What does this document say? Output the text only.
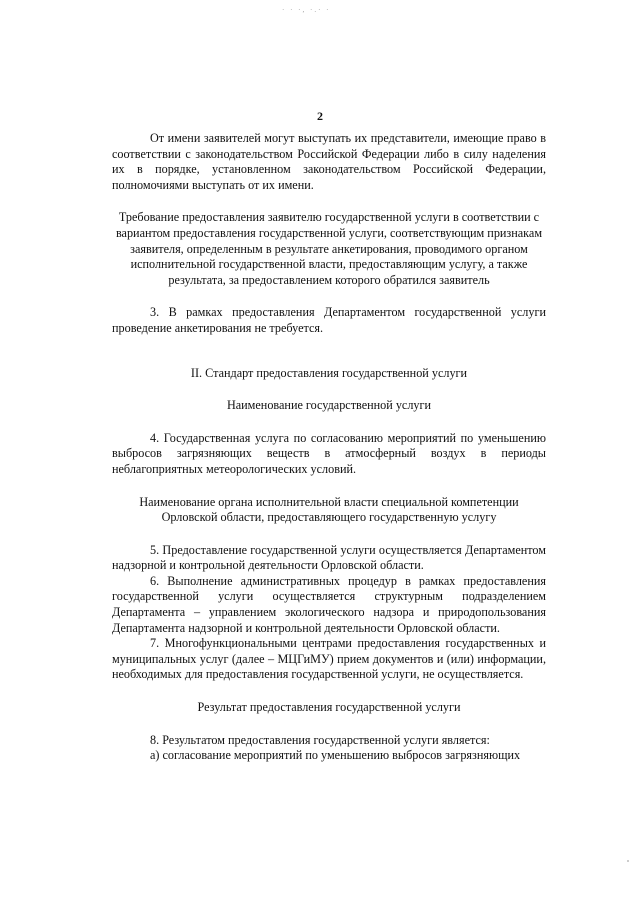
· · ·, ·.· ·
2

От имени заявителей могут выступать их представители, имеющие право в соответствии с законодательством Российской Федерации либо в силу наделения их в порядке, установленном законодательством Российской Федерации, полномочиями выступать от их имени.

Требование предоставления заявителю государственной услуги в соответствии с вариантом предоставления государственной услуги, соответствующим признакам заявителя, определенным в результате анкетирования, проводимого органом исполнительной государственной власти, предоставляющим услугу, а также результата, за предоставлением которого обратился заявитель

3. В рамках предоставления Департаментом государственной услуги проведение анкетирования не требуется.

II. Стандарт предоставления государственной услуги

Наименование государственной услуги

4. Государственная услуга по согласованию мероприятий по уменьшению выбросов загрязняющих веществ в атмосферный воздух в периоды неблагоприятных метеорологических условий.

Наименование органа исполнительной власти специальной компетенции Орловской области, предоставляющего государственную услугу

5. Предоставление государственной услуги осуществляется Департаментом надзорной и контрольной деятельности Орловской области.

6. Выполнение административных процедур в рамках предоставления государственной услуги осуществляется структурным подразделением Департамента – управлением экологического надзора и природопользования Департамента надзорной и контрольной деятельности Орловской области.

7. Многофункциональными центрами предоставления государственных и муниципальных услуг (далее – МЦГиМУ) прием документов и (или) информации, необходимых для предоставления государственной услуги, не осуществляется.

Результат предоставления государственной услуги

8. Результатом предоставления государственной услуги является:

а) согласование мероприятий по уменьшению выбросов загрязняющих
